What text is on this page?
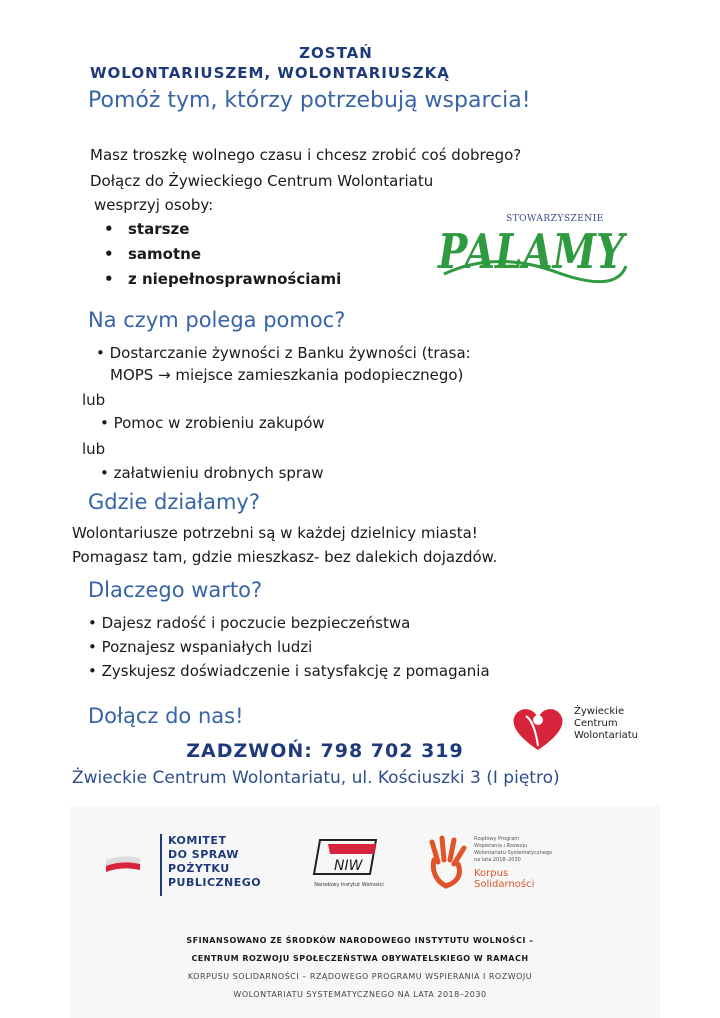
ZOSTAŃ
WOLONTARIUSZEM, WOLONTARIUSZKĄ
Pomóż tym, którzy potrzebują wsparcia!
Masz troszkę wolnego czasu i chcesz zrobić coś dobrego?
Dołącz do Żywieckiego Centrum Wolontariatu
wesprzyj osoby:
• starsze
• samotne
• z niepełnosprawnościami
STOWARZYSZENIE
PALAMY
Na czym polega pomoc?
• Dostarczanie żywności z Banku żywności (trasa:
MOPS → miejsce zamieszkania podopiecznego)
lub
• Pomoc w zrobieniu zakupów
lub
• załatwieniu drobnych spraw
Gdzie działamy?
Wolontariusze potrzebni są w każdej dzielnicy miasta!
Pomagasz tam, gdzie mieszkasz- bez dalekich dojazdów.
Dlaczego warto?
• Dajesz radość i poczucie bezpieczeństwa
• Poznajesz wspaniałych ludzi
• Zyskujesz doświadczenie i satysfakcję z pomagania
Dołącz do nas!	Żywieckie
Centrum
Wolontariatu
ZADZWOŃ: 798 702 319
Żwieckie Centrum Wolontariatu, ul. Kościuszki 3 (I piętro)
KOMITET
DO SPRAW
POŻYTKU
PUBLICZNEGO
NIW
Narodowy Instytut Wolności
Rządowy Program
Wspierania i Rozwoju
Wolontariatu Systematycznego
na lata 2018–2030
Korpus
Solidarności
SFINANSOWANO ZE ŚRODKÓW NARODOWEGO INSTYTUTU WOLNOŚCI –
CENTRUM ROZWOJU SPOŁECZEŃSTWA OBYWATELSKIEGO W RAMACH
KORPUSU SOLIDARNOŚCI – RZĄDOWEGO PROGRAMU WSPIERANIA I ROZWOJU
WOLONTARIATU SYSTEMATYCZNEGO NA LATA 2018–2030
